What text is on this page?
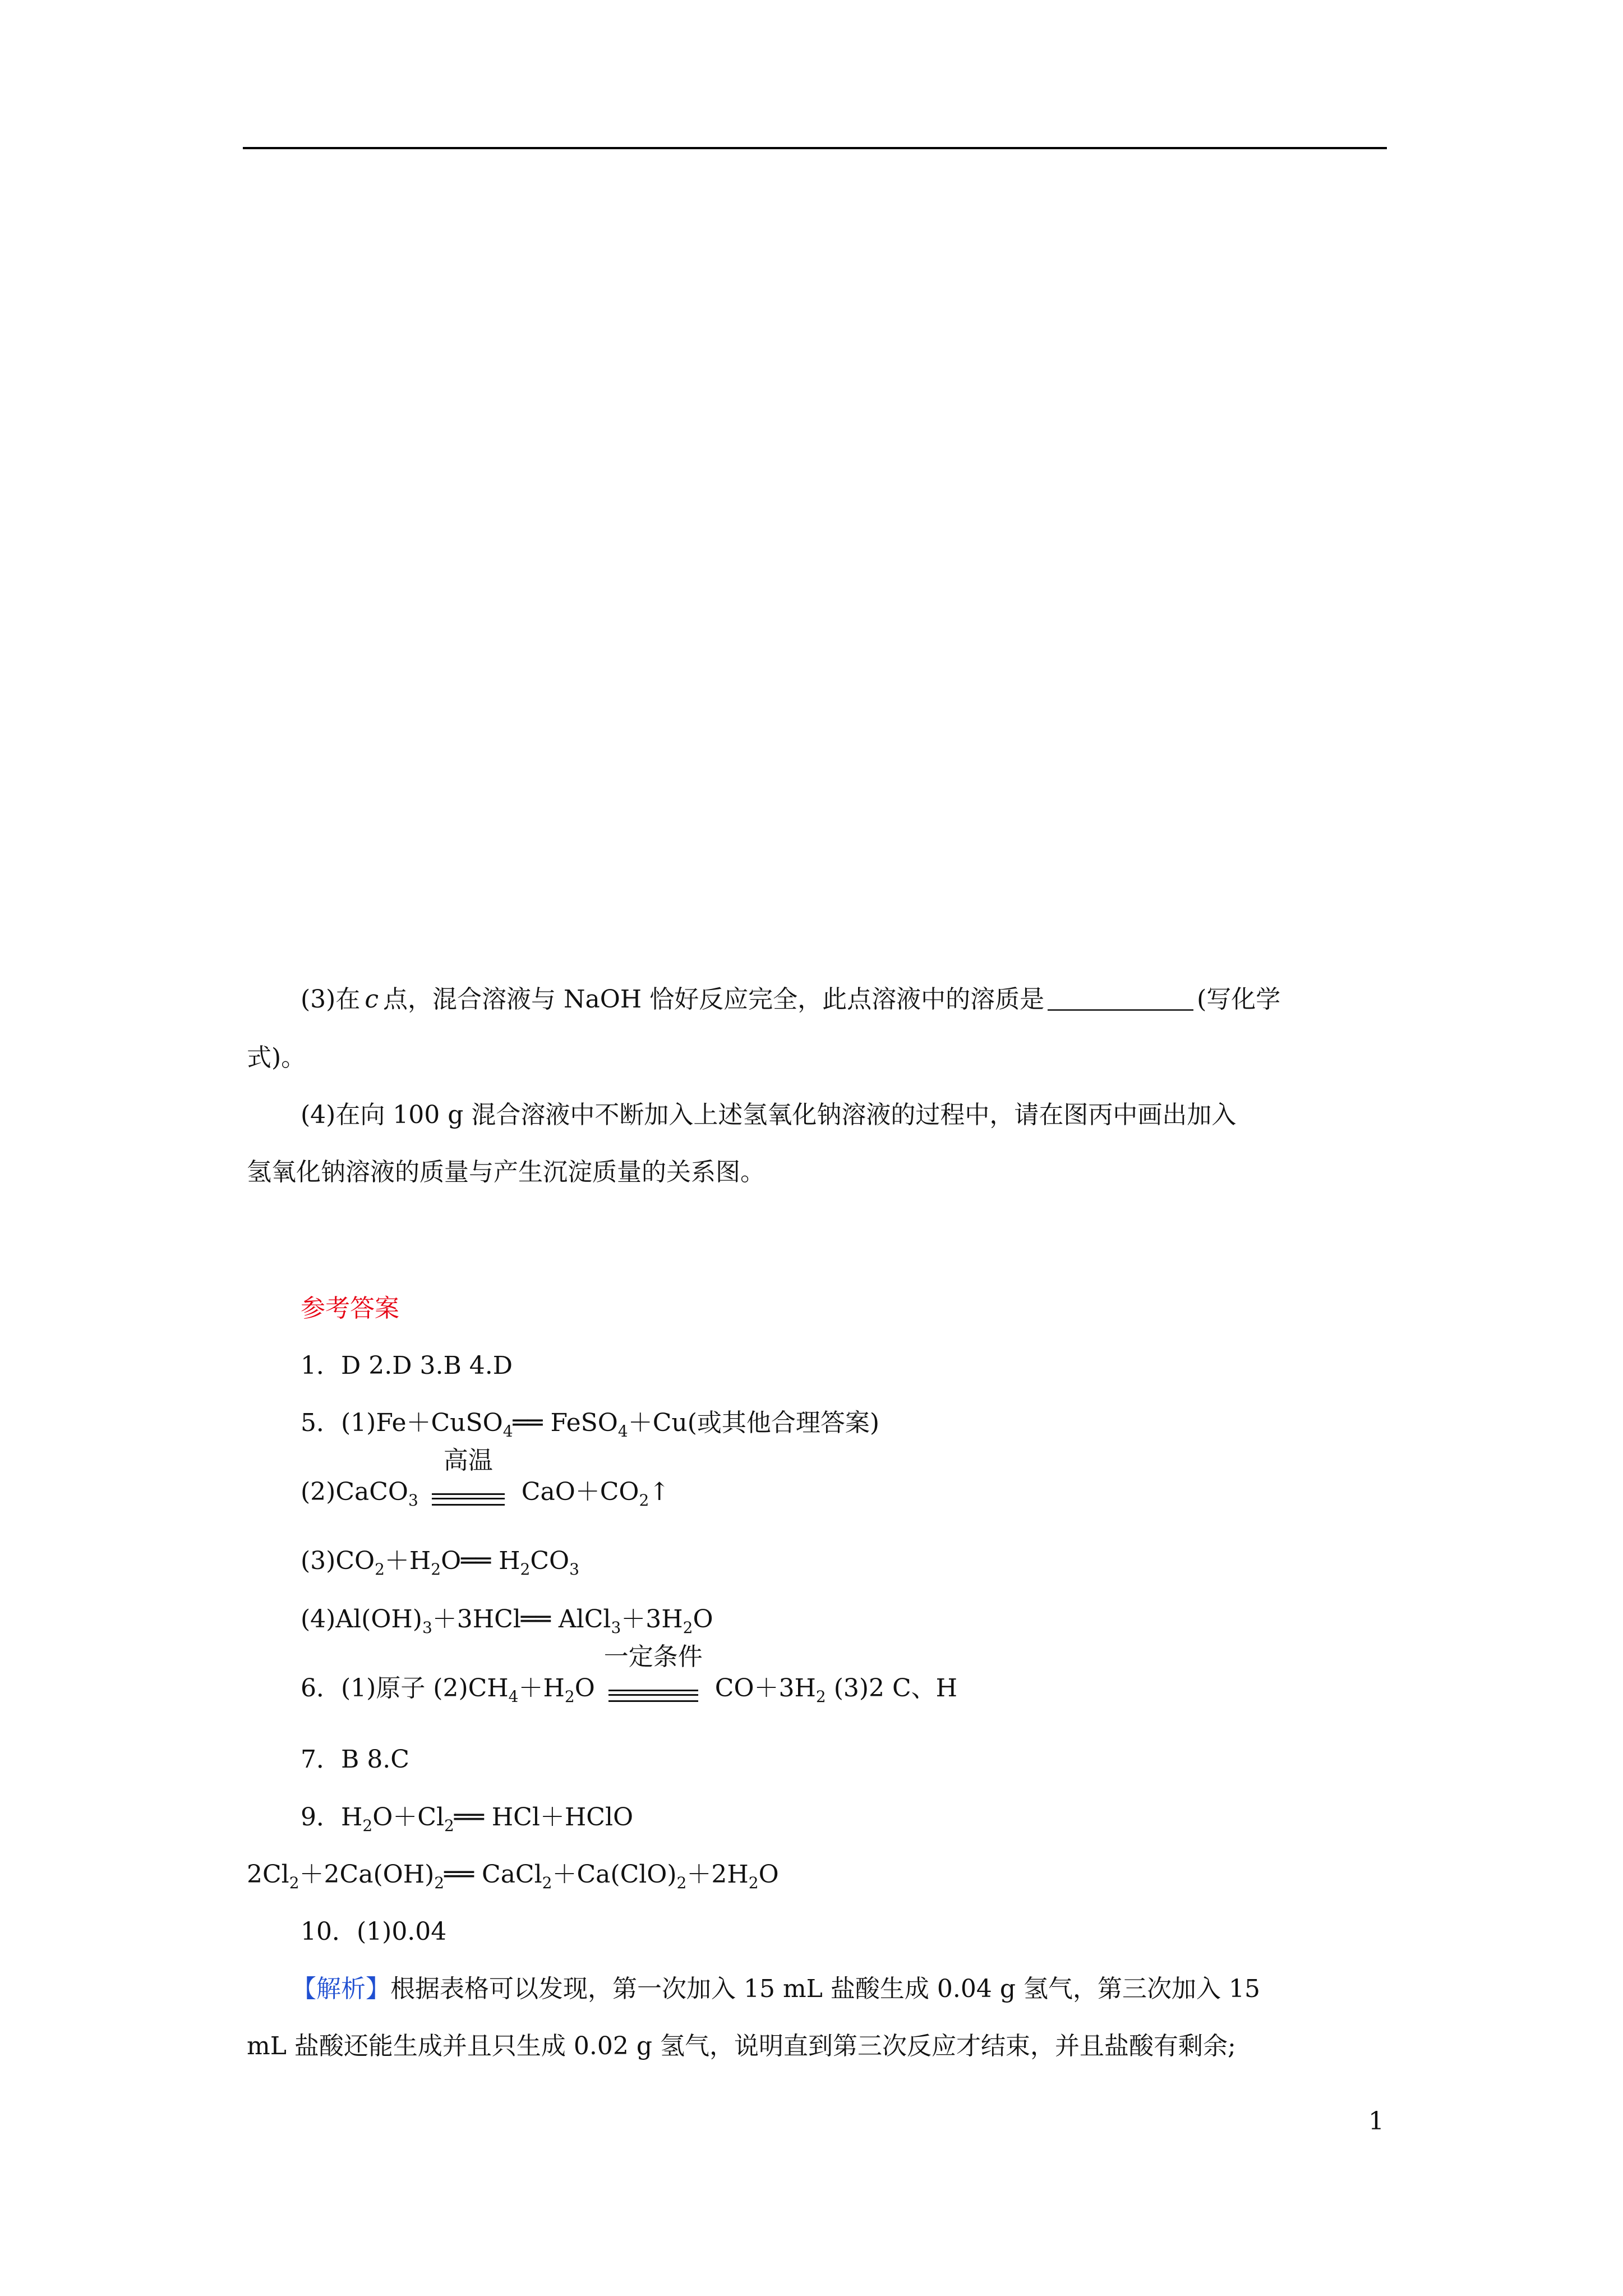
(3)在 c 点，混合溶液与 NaOH 恰好反应完全，此点溶液中的溶质是	(写化学
式)。
(4)在向 100 g 混合溶液中不断加入上述氢氧化钠溶液的过程中，请在图丙中画出加入
氢氧化钠溶液的质量与产生沉淀质量的关系图。
参考答案
1．D 2.D 3.B 4.D
5．(1)Fe＋CuSO$_4$══ FeSO$_4$＋Cu(或其他合理答案)
(2)CaCO$_3$
高温
$CaO+CO_2↑$
$(3)CO_2+H_2O══$ $H_2CO_3$
$(4)Al(OH)_3+3HCl══$ $AlCl_3+3H_2O$
6．(1)原子 $(2)CH_4+H_2O$
一定条件
$CO+3H_2$ (3)2 C、H
7．B 8.C
9．$H_2O+Cl_2══$ HCl＋HClO
$2Cl_2+2Ca(OH)_2══$ $CaCl_2+Ca(ClO)_2+2H_2O$
10．(1)0.04
【解析】根据表格可以发现，第一次加入 15 mL 盐酸生成 0.04 g 氢气，第三次加入 15
mL 盐酸还能生成并且只生成 0.02 g 氢气，说明直到第三次反应才结束，并且盐酸有剩余;
1
